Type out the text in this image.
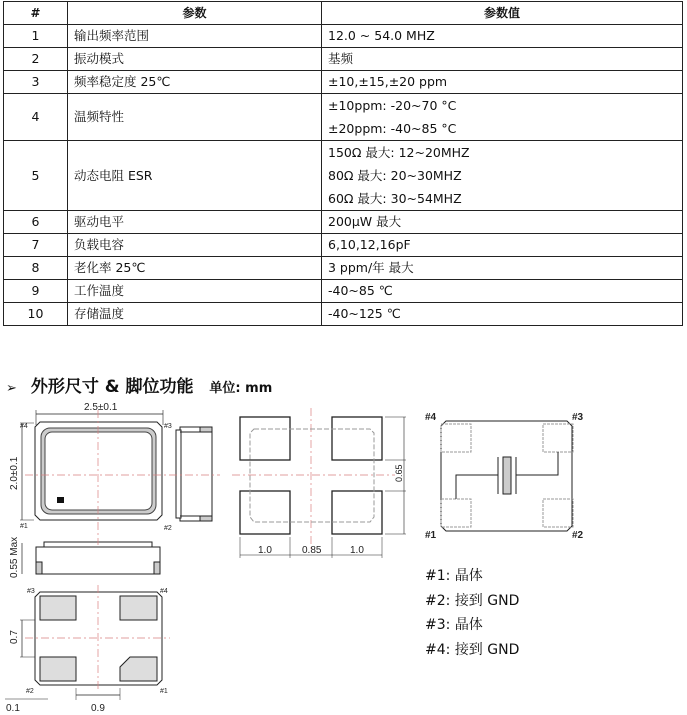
#	参数	参数值
1	输出频率范围	12.0 ~ 54.0 MHZ
2	振动模式	基频
3	频率稳定度 25℃	±10,±15,±20 ppm
4	温频特性	±10ppm: -20~70 °C
±20ppm: -40~85 °C

5	动态电阻 ESR	150Ω 最大: 12~20MHZ
80Ω 最大: 20~30MHZ
60Ω 最大: 30~54MHZ

6	驱动电平	200μW 最大
7	负载电容	6,10,12,16pF
8	老化率 25℃	3 ppm/年 最大
9	工作温度	-40~85 ℃
10	存储温度	-40~125 ℃
➢ 外形尺寸 & 脚位功能 单位: mm
2.5±0.1
#4	#3
#1	#2
2.0±0.1
0.55 Max
#3	#4
#2	#1
0.7
0.1	0.9
1.0	0.85	1.0
0.65
#4	#3
#1	#2
#1: 晶体
#2: 接到 GND
#3: 晶体
#4: 接到 GND
